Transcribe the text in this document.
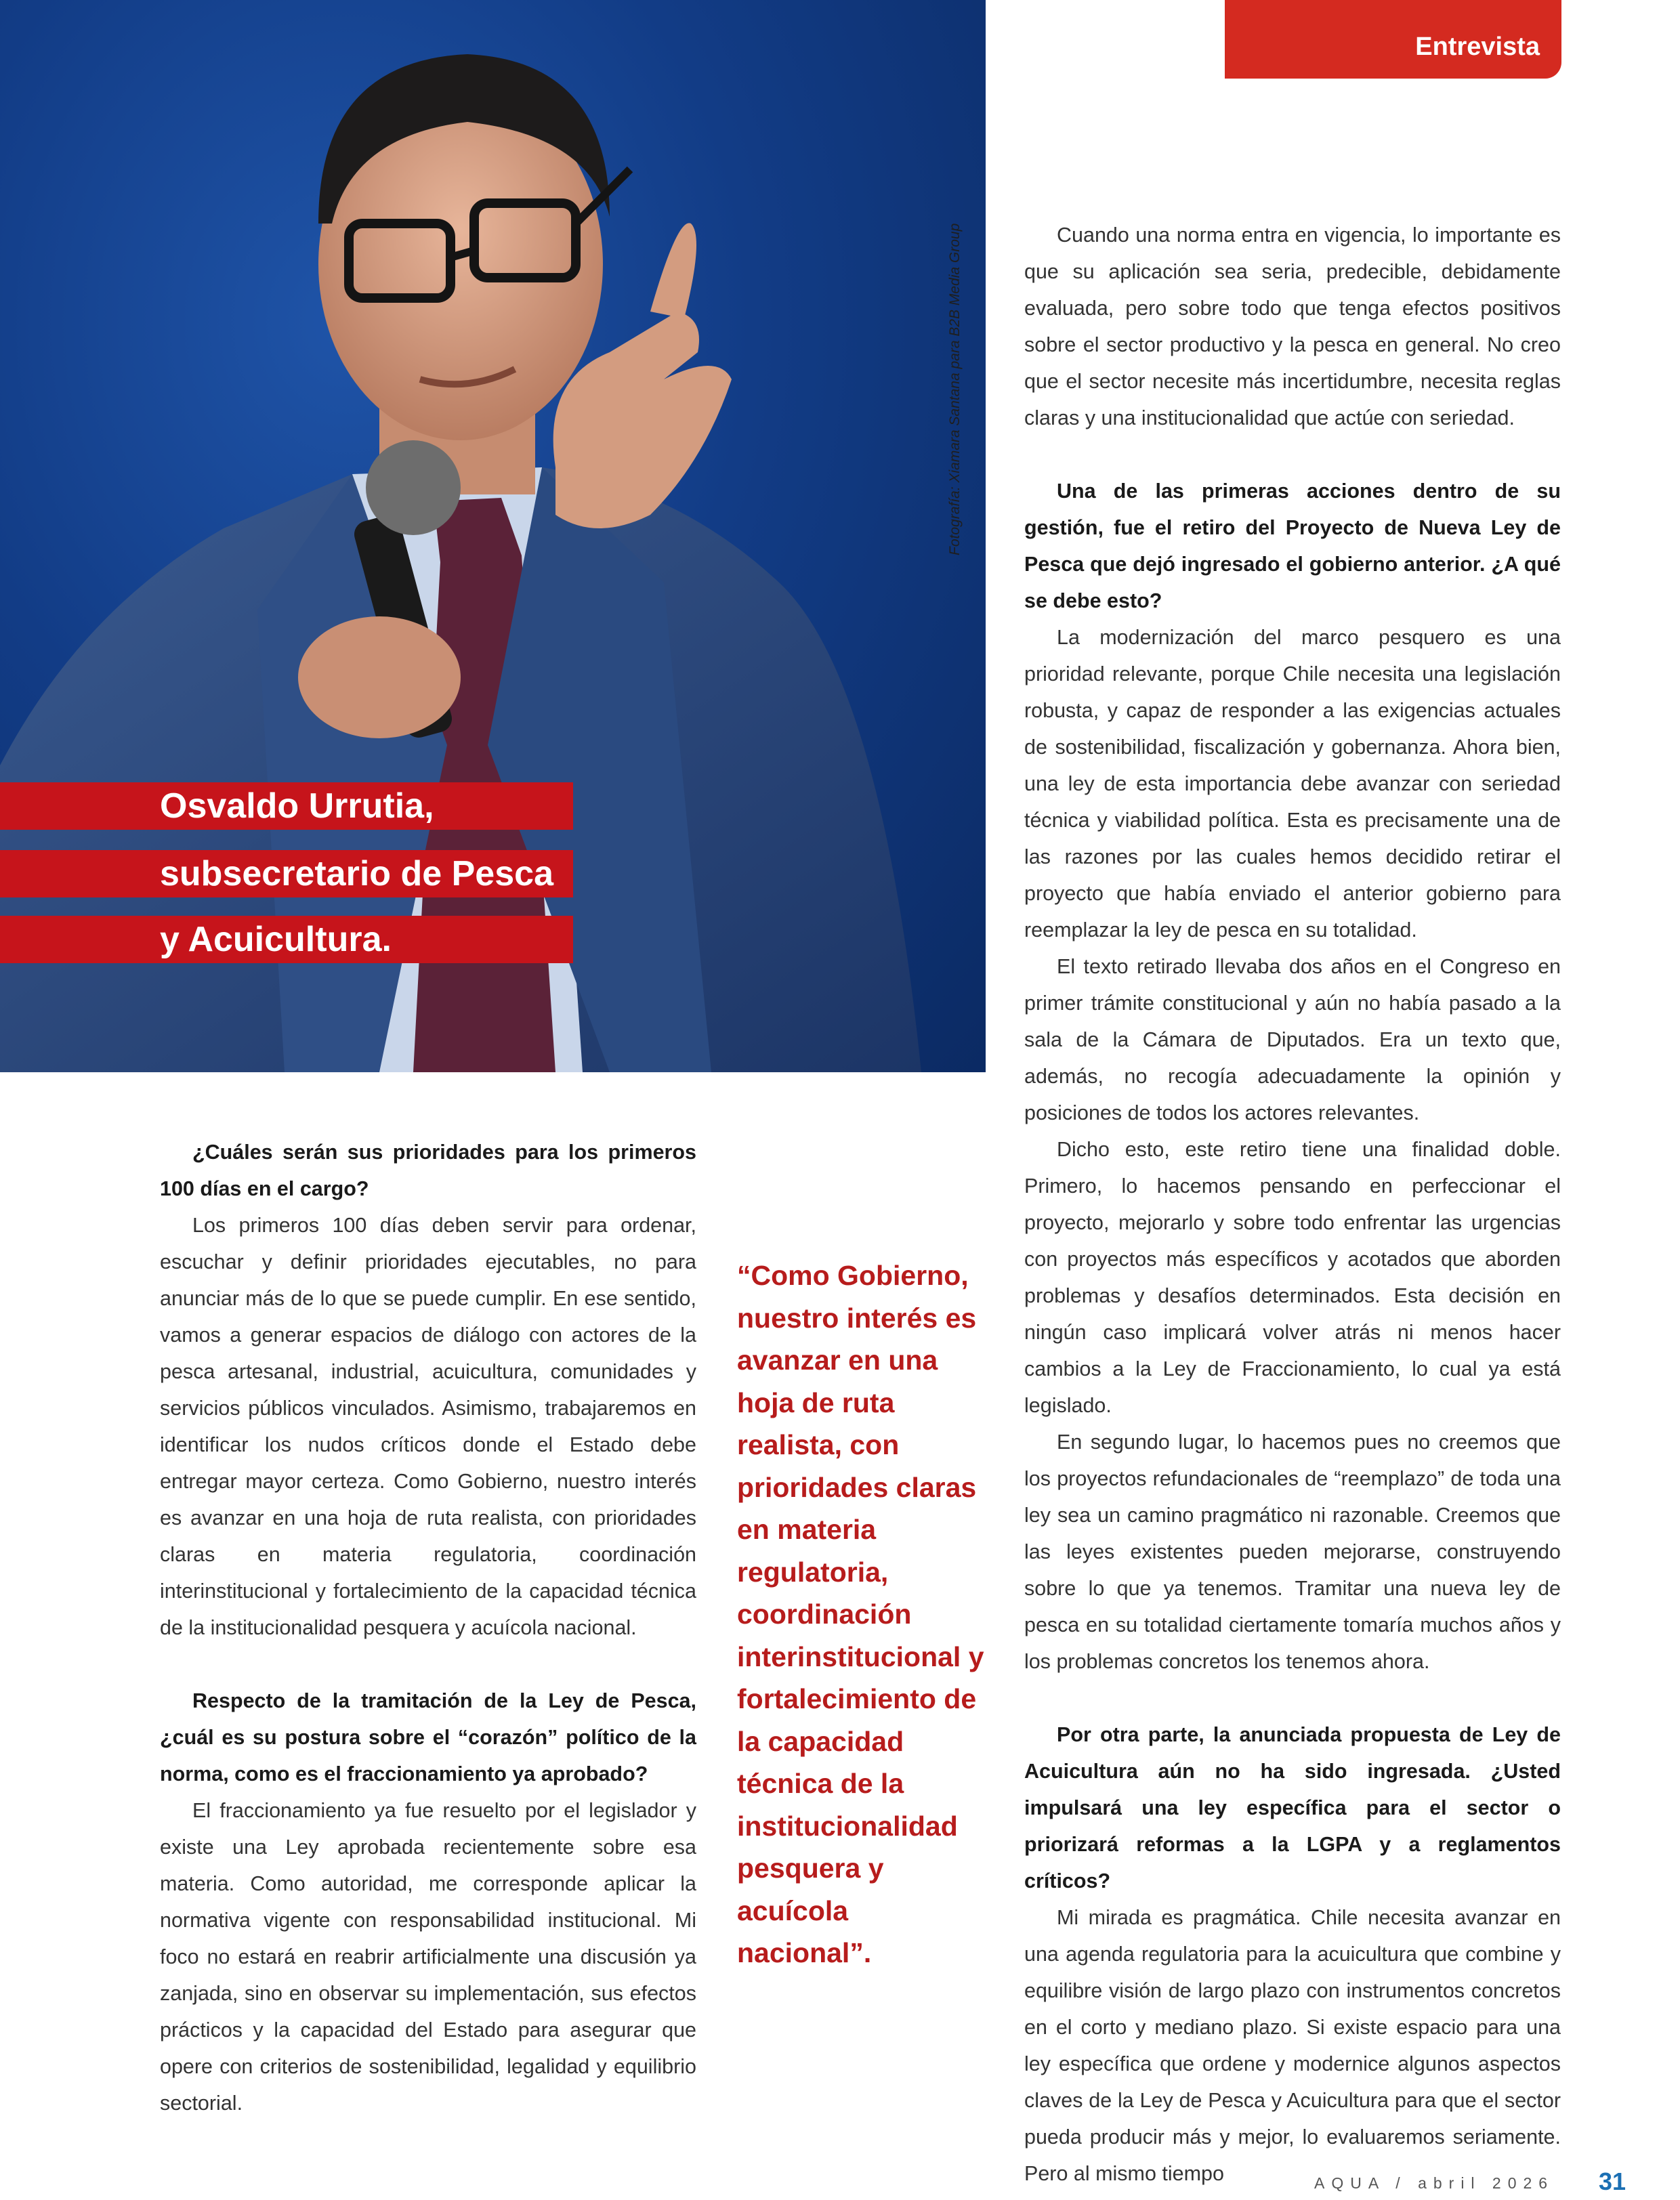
Fotografía: Xiamara Santana para B2B Media Group
Entrevista
Osvaldo Urrutia,
subsecretario de Pesca
y Acuicultura.

¿Cuáles serán sus prioridades para los primeros 100 días en el cargo?

Los primeros 100 días deben servir para ordenar, escuchar y definir prioridades ejecutables, no para anunciar más de lo que se puede cumplir. En ese sentido, vamos a generar espacios de diálogo con actores de la pesca artesanal, industrial, acuicultura, comunidades y servicios públicos vinculados. Asimismo, trabajaremos en identificar los nudos críticos donde el Estado debe entregar mayor certeza. Como Gobierno, nuestro interés es avanzar en una hoja de ruta realista, con prioridades claras en materia regulatoria, coordinación interinstitucional y fortalecimiento de la capacidad técnica de la institucionalidad pesquera y acuícola nacional.

Respecto de la tramitación de la Ley de Pesca, ¿cuál es su postura sobre el “corazón” político de la norma, como es el fraccionamiento ya aprobado?

El fraccionamiento ya fue resuelto por el legislador y existe una Ley aprobada recientemente sobre esa materia. Como autoridad, me corresponde aplicar la normativa vigente con responsabilidad institucional. Mi foco no estará en reabrir artificialmente una discusión ya zanjada, sino en observar su implementación, sus efectos prácticos y la capacidad del Estado para asegurar que opere con criterios de sostenibilidad, legalidad y equilibrio sectorial.

“Como Gobierno, nuestro interés es avanzar en una hoja de ruta realista, con prioridades claras en materia regulatoria, coordinación interinstitucional y fortalecimiento de la capacidad técnica de la institucionalidad pesquera y acuícola nacional”.

Cuando una norma entra en vigencia, lo importante es que su aplicación sea seria, predecible, debidamente evaluada, pero sobre todo que tenga efectos positivos sobre el sector productivo y la pesca en general. No creo que el sector necesite más incertidumbre, necesita reglas claras y una institucionalidad que actúe con seriedad.

Una de las primeras acciones dentro de su gestión, fue el retiro del Proyecto de Nueva Ley de Pesca que dejó ingresado el gobierno anterior. ¿A qué se debe esto?

La modernización del marco pesquero es una prioridad relevante, porque Chile necesita una legislación robusta, y capaz de responder a las exigencias actuales de sostenibilidad, fiscalización y gobernanza. Ahora bien, una ley de esta importancia debe avanzar con seriedad técnica y viabilidad política. Esta es precisamente una de las razones por las cuales hemos decidido retirar el proyecto que había enviado el anterior gobierno para reemplazar la ley de pesca en su totalidad.

El texto retirado llevaba dos años en el Congreso en primer trámite constitucional y aún no había pasado a la sala de la Cámara de Diputados. Era un texto que, además, no recogía adecuadamente la opinión y posiciones de todos los actores relevantes.

Dicho esto, este retiro tiene una finalidad doble. Primero, lo hacemos pensando en perfeccionar el proyecto, mejorarlo y sobre todo enfrentar las urgencias con proyectos más específicos y acotados que aborden problemas y desafíos determinados. Esta decisión en ningún caso implicará volver atrás ni menos hacer cambios a la Ley de Fraccionamiento, lo cual ya está legislado.

En segundo lugar, lo hacemos pues no creemos que los proyectos refundacionales de “reemplazo” de toda una ley sea un camino pragmático ni razonable. Creemos que las leyes existentes pueden mejorarse, construyendo sobre lo que ya tenemos. Tramitar una nueva ley de pesca en su totalidad ciertamente tomaría muchos años y los problemas concretos los tenemos ahora.

Por otra parte, la anunciada propuesta de Ley de Acuicultura aún no ha sido ingresada. ¿Usted impulsará una ley específica para el sector o priorizará reformas a la LGPA y a reglamentos críticos?

Mi mirada es pragmática. Chile necesita avanzar en una agenda regulatoria para la acuicultura que combine y equilibre visión de largo plazo con instrumentos concretos en el corto y mediano plazo. Si existe espacio para una ley específica que ordene y modernice algunos aspectos claves de la Ley de Pesca y Acuicultura para que el sector pueda producir más y mejor, lo evaluaremos seriamente. Pero al mismo tiempo	AQUA / abril 2026	31
